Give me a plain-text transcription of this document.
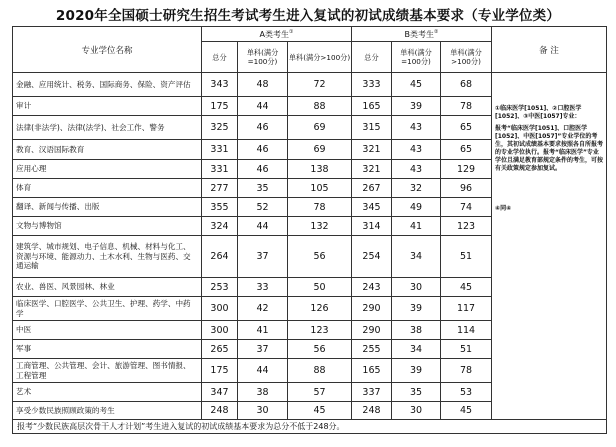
2020年全国硕士研究生招生考试考生进入复试的初试成绩基本要求（专业学位类）
专业学位名称	A类考生①			B类考生②			备 注
	总分	单科(满分=100分)	单科(满分>100分)	总分	单科(满分=100分)	单科(满分>100分)	
金融、应用统计、税务、国际商务、保险、资产评估	343	48	72	333	45	68	①临床医学[1051]、②口腔医学[1052]、③中医[1057]专业：

报考“临床医学[1051]、口腔医学[1052]、中医[1057]”专业学位的考生，其初试成绩基本要求按照各自所报考的专业学位执行。报考“临床医学”专业学位且满足教育部规定条件的考生，可按有关政策规定参加复试。

④同④

审计	175	44	88	165	39	78	
法律(非法学)、法律(法学)、社会工作、警务	325	46	69	315	43	65	
教育、汉语国际教育	331	46	69	321	43	65	
应用心理	331	46	138	321	43	129	
体育	277	35	105	267	32	96	
翻译、新闻与传播、出版	355	52	78	345	49	74	
文物与博物馆	324	44	132	314	41	123	
建筑学、城市规划、电子信息、机械、材料与化工、资源与环境、能源动力、土木水利、生物与医药、交通运输	264	37	56	254	34	51	
农业、兽医、风景园林、林业	253	33	50	243	30	45	
临床医学、口腔医学、公共卫生、护理、药学、中药学	300	42	126	290	39	117	
中医	300	41	123	290	38	114	
军事	265	37	56	255	34	51	
工商管理、公共管理、会计、旅游管理、图书情报、工程管理	175	44	88	165	39	78	
艺术	347	38	57	337	35	53	
享受少数民族照顾政策的考生	248	30	45	248	30	45	
报考“少数民族高层次骨干人才计划”考生进入复试的初试成绩基本要求为总分不低于248分。							
